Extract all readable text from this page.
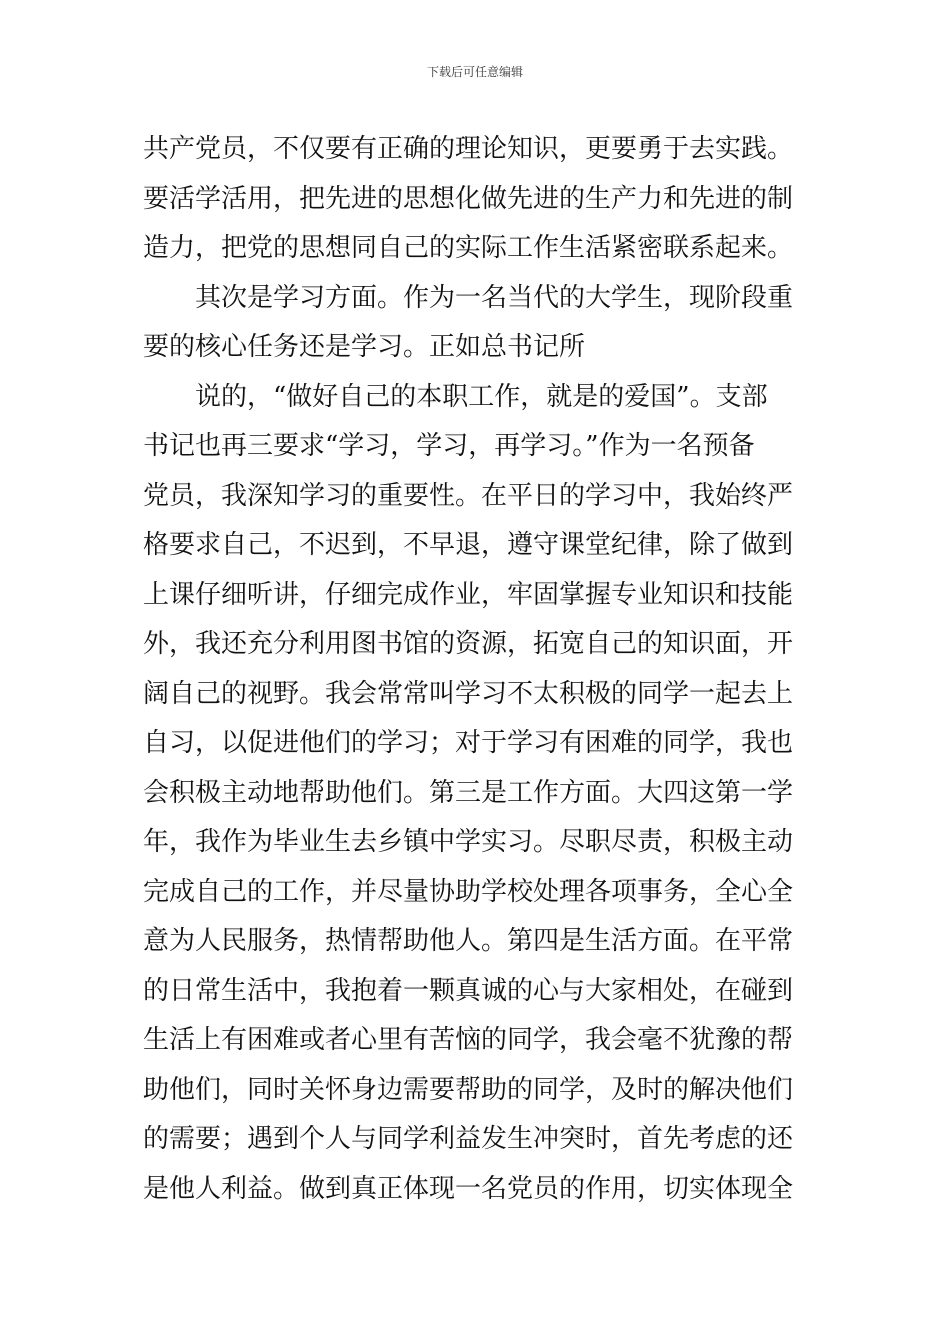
下载后可任意编辑
共产党员，不仅要有正确的理论知识，更要勇于去实践。
要活学活用，把先进的思想化做先进的生产力和先进的制
造力，把党的思想同自己的实际工作生活紧密联系起来。
其次是学习方面。作为一名当代的大学生，现阶段重
要的核心任务还是学习。正如总书记所
说的，“做好自己的本职工作，就是的爱国”。支部
书记也再三要求“学习，学习，再学习。”作为一名预备
党员，我深知学习的重要性。在平日的学习中，我始终严
格要求自己，不迟到，不早退，遵守课堂纪律，除了做到
上课仔细听讲，仔细完成作业，牢固掌握专业知识和技能
外，我还充分利用图书馆的资源，拓宽自己的知识面，开
阔自己的视野。我会常常叫学习不太积极的同学一起去上
自习，以促进他们的学习；对于学习有困难的同学，我也
会积极主动地帮助他们。第三是工作方面。大四这第一学
年，我作为毕业生去乡镇中学实习。尽职尽责，积极主动
完成自己的工作，并尽量协助学校处理各项事务，全心全
意为人民服务，热情帮助他人。第四是生活方面。在平常
的日常生活中，我抱着一颗真诚的心与大家相处，在碰到
生活上有困难或者心里有苦恼的同学，我会毫不犹豫的帮
助他们，同时关怀身边需要帮助的同学，及时的解决他们
的需要；遇到个人与同学利益发生冲突时，首先考虑的还
是他人利益。做到真正体现一名党员的作用，切实体现全
